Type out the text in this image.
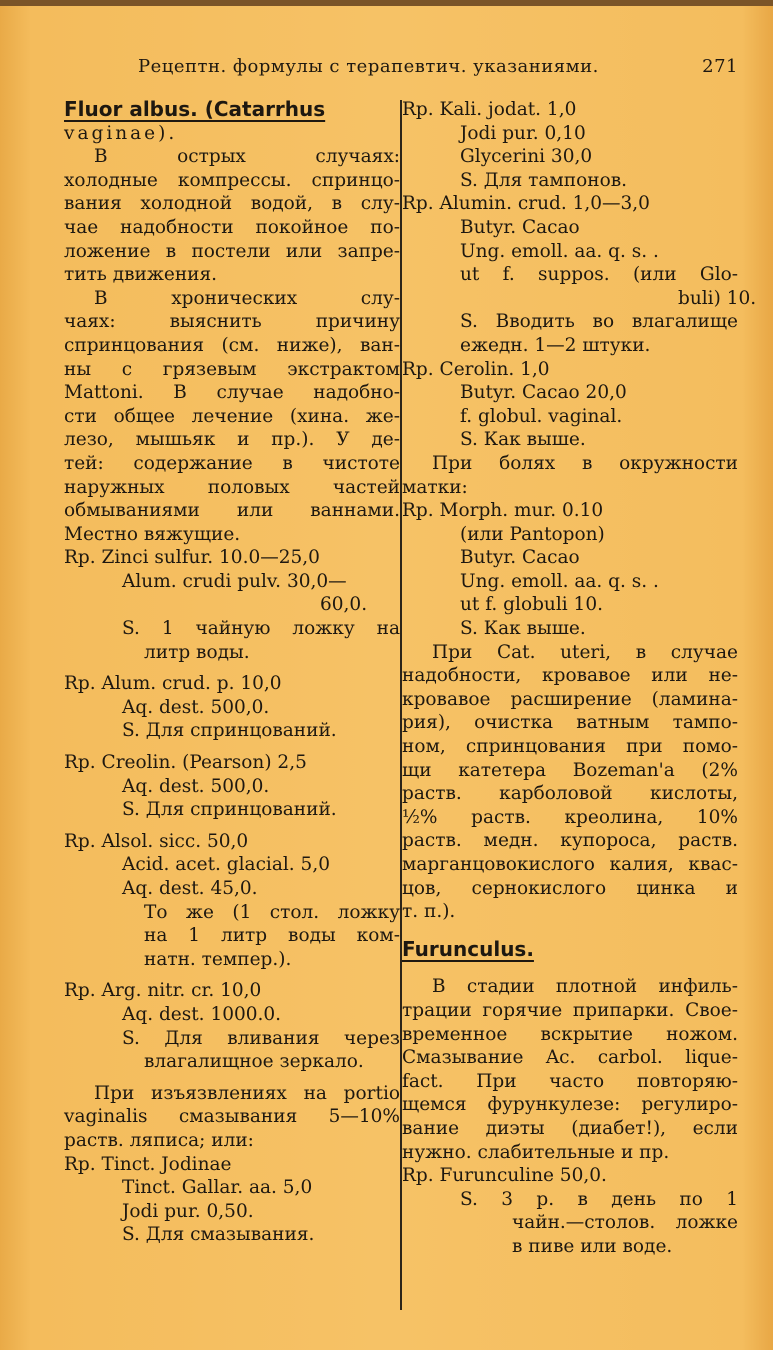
Рецептн. формулы с терапевтич. указаниями.	271
Fluor albus. (Catarrhus
vaginae).
В острых случаях:
холодные компрессы. спринцо-
вания холодной водой, в слу-
чае надобности покойное по-
ложение в постели или запре-
тить движения.
В хронических слу-
чаях: выяснить причину
спринцования (см. ниже), ван-
ны с грязевым экстрактом
Mattoni. В случае надобно-
сти общее лечение (хина. же-
лезо, мышьяк и пр.). У де-
тей: содержание в чистоте
наружных половых частей
обмываниями или ваннами.
Местно вяжущие.
Rp. Zinci sulfur. 10.0—25,0
Alum. crudi pulv. 30,0—
60,0.
S. 1 чайную ложку на
литр воды.
Rp. Alum. crud. p. 10,0
Aq. dest. 500,0.
S. Для спринцований.
Rp. Creolin. (Pearson) 2,5
Aq. dest. 500,0.
S. Для спринцований.
Rp. Alsol. sicc. 50,0
Acid. acet. glacial. 5,0
Aq. dest. 45,0.
То же (1 стол. ложку
на 1 литр воды ком-
натн. темпер.).
Rp. Arg. nitr. cr. 10,0
Aq. dest. 1000.0.
S. Для вливания через
влагалищное зеркало.
При изъязвлениях на portio
vaginalis смазывания 5—10%
раств. ляписа; или:
Rp. Tinct. Jodinae
Tinct. Gallar. aa. 5,0
Jodi pur. 0,50.
S. Для смазывания.
Rp. Kali. jodat. 1,0
Jodi pur. 0,10
Glycerini 30,0
S. Для тампонов.
Rp. Alumin. crud. 1,0—3,0
Butyr. Cacao
Ung. emoll. aa. q. s. .
ut f. suppos. (или Glo-
buli) 10.
S. Вводить во влагалище
ежедн. 1—2 штуки.
Rp. Cerolin. 1,0
Butyr. Cacao 20,0
f. globul. vaginal.
S. Как выше.
При болях в окружности
матки:
Rp. Morph. mur. 0.10
(или Pantopon)
Butyr. Cacao
Ung. emoll. aa. q. s. .
ut f. globuli 10.
S. Как выше.
При Cat. uteri, в случае
надобности, кровавое или не-
кровавое расширение (ламина-
рия), очистка ватным тампо-
ном, спринцования при помо-
щи катетера Bozeman'a (2%
раств. карболовой кислоты,
½% раств. креолина, 10%
раств. медн. купороса, раств.
марганцовокислого калия, квас-
цов, сернокислого цинка и
т. п.).
Furunculus.
В стадии плотной инфиль-
трации горячие припарки. Свое-
временное вскрытие ножом.
Смазывание Ac. carbol. lique-
fact. При часто повторяю-
щемся фурункулезе: регулиро-
вание диэты (диабет!), если
нужно. слабительные и пр.
Rp. Furunculine 50,0.
S. 3 р. в день по 1
чайн.—столов. ложке
в пиве или воде.
